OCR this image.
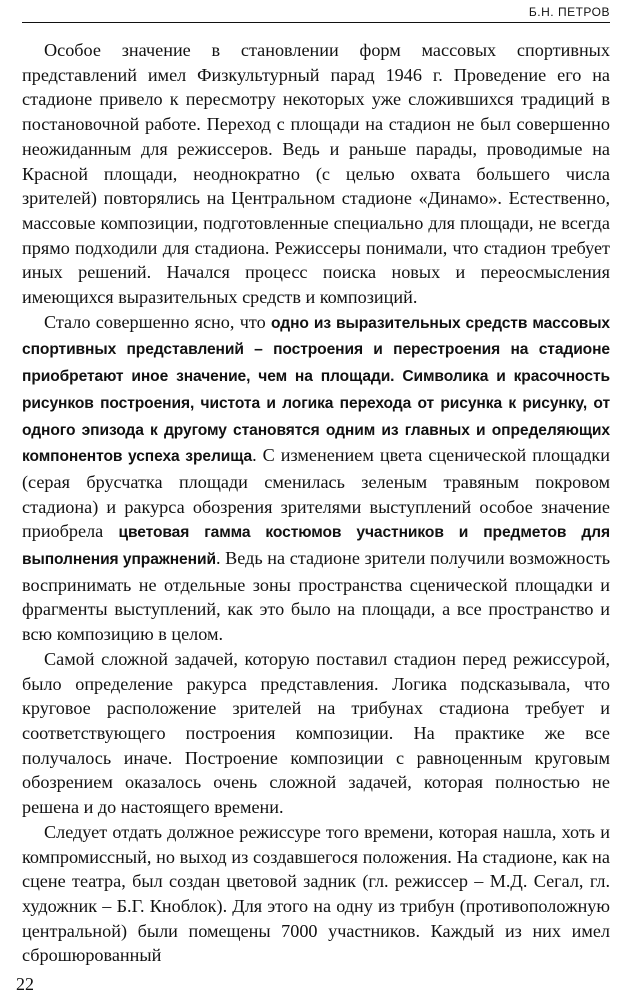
Б.Н. ПЕТРОВ

Особое значение в становлении форм массовых спортивных представлений имел Физкультурный парад 1946 г. Проведение его на стадионе привело к пересмотру некоторых уже сложившихся традиций в постановочной работе. Переход с площади на стадион не был совершенно неожиданным для режиссеров. Ведь и раньше парады, проводимые на Красной площади, неоднократно (с целью охвата большего числа зрителей) повторялись на Центральном стадионе «Динамо». Естественно, массовые композиции, подготовленные специально для площади, не всегда прямо подходили для стадиона. Режиссеры понимали, что стадион требует иных решений. Начался процесс поиска новых и переосмысления имеющихся выразительных средств и композиций.

Стало совершенно ясно, что одно из выразительных средств массовых спортивных представлений – построения и перестроения на стадионе приобретают иное значение, чем на площади. Символика и красочность рисунков построения, чистота и логика перехода от рисунка к рисунку, от одного эпизода к другому становятся одним из главных и определяющих компонентов успеха зрелища. С изменением цвета сценической площадки (серая брусчатка площади сменилась зеленым травяным покровом стадиона) и ракурса обозрения зрителями выступлений особое значение приобрела цветовая гамма костюмов участников и предметов для выполнения упражнений. Ведь на стадионе зрители получили возможность воспринимать не отдельные зоны пространства сценической площадки и фрагменты выступлений, как это было на площади, а все пространство и всю композицию в целом.

Самой сложной задачей, которую поставил стадион перед режиссурой, было определение ракурса представления. Логика подсказывала, что круговое расположение зрителей на трибунах стадиона требует и соответствующего построения композиции. На практике же все получалось иначе. Построение композиции с равноценным круговым обозрением оказалось очень сложной задачей, которая полностью не решена и до настоящего времени.

Следует отдать должное режиссуре того времени, которая нашла, хоть и компромиссный, но выход из создавшегося положения. На стадионе, как на сцене театра, был создан цветовой задник (гл. режиссер – М.Д. Сегал, гл. художник – Б.Г. Кноблок). Для этого на одну из трибун (противоположную центральной) были помещены 7000 участников. Каждый из них имел сброшюрованный

22
